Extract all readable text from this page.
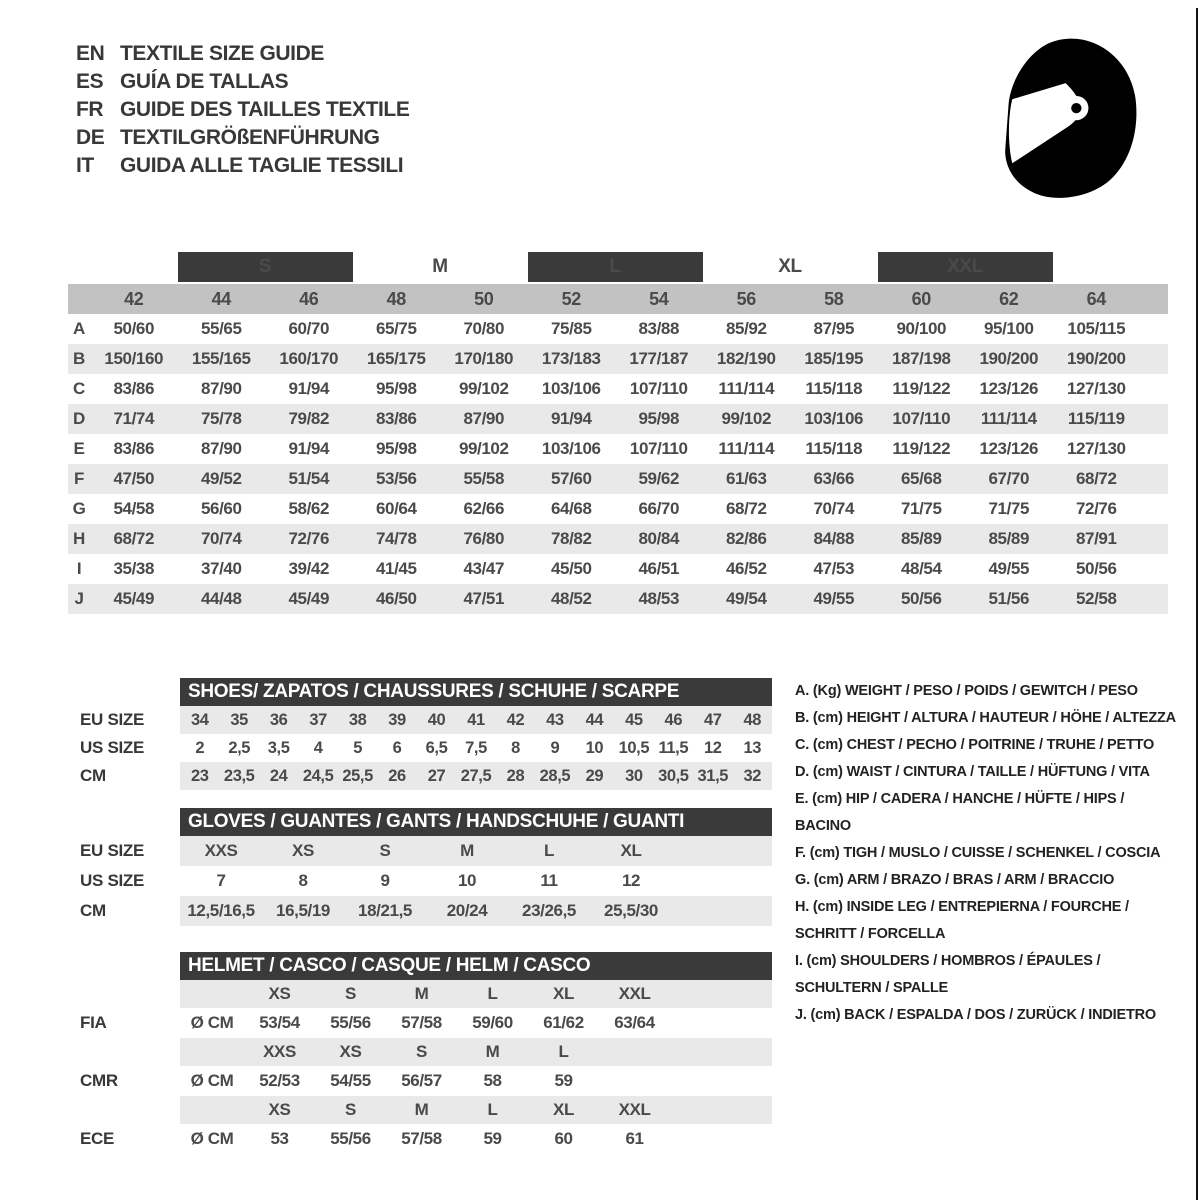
EN TEXTILE SIZE GUIDE
ES GUÍA DE TALLAS
FR GUIDE DES TAILLES TEXTILE
DE TEXTILGRÖßENFÜHRUNG
IT	GUIDA ALLE TAGLIE TESSILI
		S		M		L		XL		XXL			
	42	44	46	48	50	52	54	56	58	60	62	64	
A	50/60	55/65	60/70	65/75	70/80	75/85	83/88	85/92	87/95	90/100	95/100	105/115	
B	150/160	155/165	160/170	165/175	170/180	173/183	177/187	182/190	185/195	187/198	190/200	190/200	
C	83/86	87/90	91/94	95/98	99/102	103/106	107/110	111/114	115/118	119/122	123/126	127/130	
D	71/74	75/78	79/82	83/86	87/90	91/94	95/98	99/102	103/106	107/110	111/114	115/119	
E	83/86	87/90	91/94	95/98	99/102	103/106	107/110	111/114	115/118	119/122	123/126	127/130	
F	47/50	49/52	51/54	53/56	55/58	57/60	59/62	61/63	63/66	65/68	67/70	68/72	
G	54/58	56/60	58/62	60/64	62/66	64/68	66/70	68/72	70/74	71/75	71/75	72/76	
H	68/72	70/74	72/76	74/78	76/80	78/82	80/84	82/86	84/88	85/89	85/89	87/91	
I	35/38	37/40	39/42	41/45	43/47	45/50	46/51	46/52	47/53	48/54	49/55	50/56	
J	45/49	44/48	45/49	46/50	47/51	48/52	48/53	49/54	49/55	50/56	51/56	52/58	
SHOES/ ZAPATOS / CHAUSSURES / SCHUHE / SCARPE
EU SIZE	34	35	36	37	38	39	40	41	42	43	44	45	46	47	48
US SIZE	2	2,5	3,5	4	5	6	6,5	7,5	8	9	10 10,5 11,5 12	13
CM	23 23,5 24 24,5 25,5 26	27 27,5 28 28,5 29	30 30,5 31,5 32
GLOVES / GUANTES / GANTS / HANDSCHUHE / GUANTI
EU SIZE	XXS	XS	S	M	L	XL
US SIZE	7	8	9	10	11	12
CM	12,5/16,5	16,5/19	18/21,5	20/24	23/26,5	25,5/30
HELMET / CASCO / CASQUE / HELM / CASCO
XS	S	M	L	XL	XXL
FIA	Ø CM	53/54	55/56	57/58	59/60	61/62	63/64
XXS	XS	S	M	L
CMR	Ø CM	52/53	54/55	56/57	58	59
XS	S	M	L	XL	XXL
ECE	Ø CM	53	55/56	57/58	59	60	61
A. (Kg) WEIGHT / PESO / POIDS / GEWITCH / PESO
B. (cm) HEIGHT / ALTURA / HAUTEUR / HÖHE / ALTEZZA
C. (cm) CHEST / PECHO / POITRINE / TRUHE / PETTO
D. (cm) WAIST / CINTURA / TAILLE / HÜFTUNG / VITA
E. (cm) HIP / CADERA / HANCHE / HÜFTE / HIPS / BACINO
F. (cm) TIGH / MUSLO / CUISSE / SCHENKEL / COSCIA
G. (cm) ARM / BRAZO / BRAS / ARM / BRACCIO
H. (cm) INSIDE LEG / ENTREPIERNA / FOURCHE / SCHRITT / FORCELLA
I. (cm) SHOULDERS / HOMBROS / ÉPAULES / SCHULTERN / SPALLE
J. (cm) BACK / ESPALDA / DOS / ZURÜCK / INDIETRO
